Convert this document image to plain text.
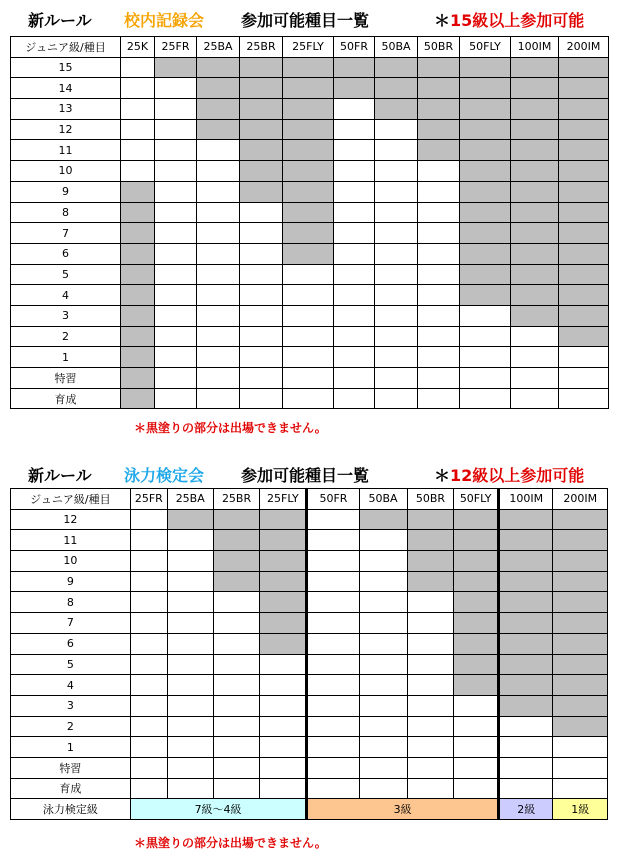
新ルール 校内記録会 参加可能種目一覧	＊15級以上参加可能
ジュニア級/種目	25K	25FR	25BA	25BR	25FLY	50FR	50BA	50BR	50FLY	100IM	200IM
15											
14											
13											
12											
11											
10											
9											
8											
7											
6											
5											
4											
3											
2											
1											
特習											
育成											
＊黒塗りの部分は出場できません。
新ルール 泳力検定会 参加可能種目一覧	＊12級以上参加可能
ジュニア級/種目	25FR	25BA	25BR	25FLY	50FR	50BA	50BR	50FLY	100IM	200IM
12										
11										
10										
9										
8										
7										
6										
5										
4										
3										
2										
1										
特習										
育成										
泳力検定級	7級～4級				3級				2級	1級
＊黒塗りの部分は出場できません。
